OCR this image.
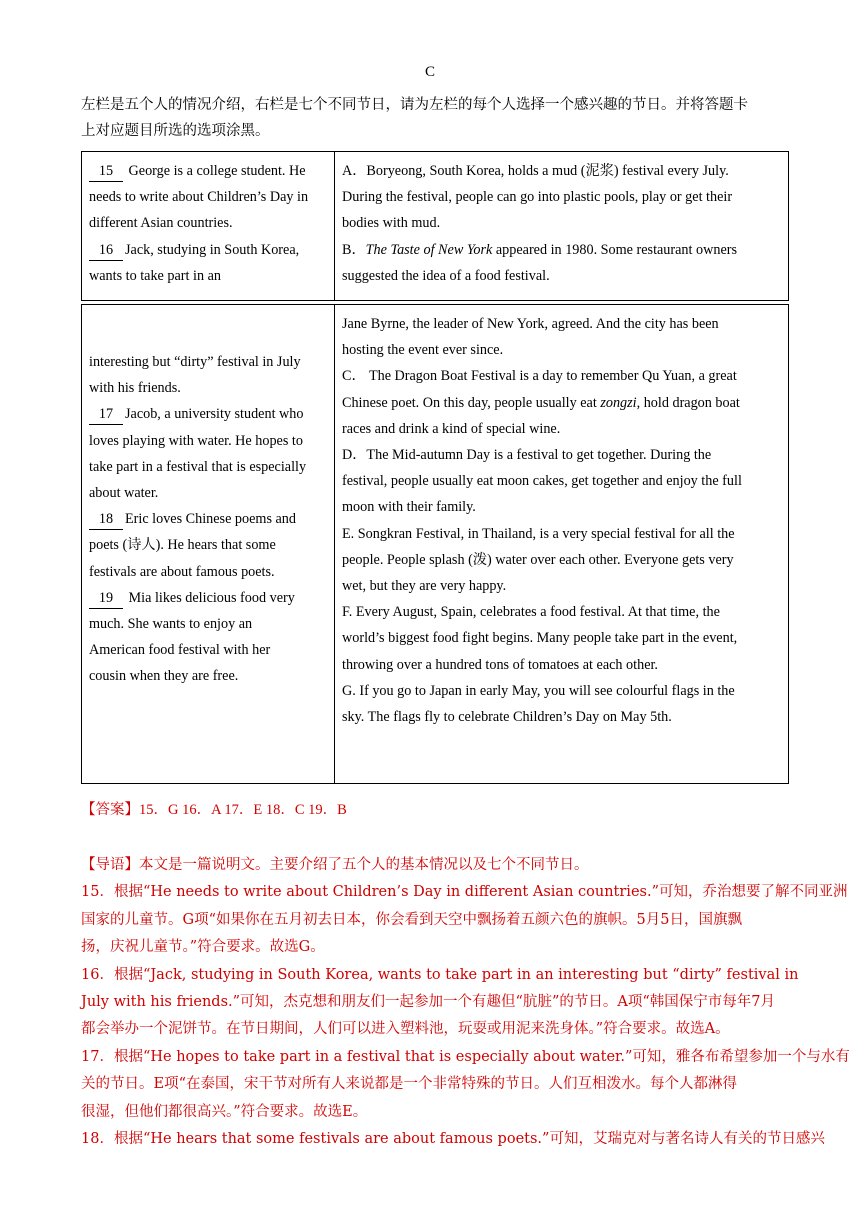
C
左栏是五个人的情况介绍，右栏是七个不同节日，请为左栏的每个人选择一个感兴趣的节日。并将答题卡
上对应题目所选的选项涂黑。
15 George is a college student. He
needs to write about Children’s Day in
different Asian countries.
16 Jack, studying in South Korea,
wants to take part in an

A．Boryeong, South Korea, holds a mud (泥浆) festival every July.
During the festival, people can go into plastic pools, play or get their
bodies with mud.
B．The Taste of New York appeared in 1980. Some restaurant owners
suggested the idea of a food festival.
interesting but “dirty” festival in July
with his friends.
17 Jacob, a university student who
loves playing with water. He hopes to
take part in a festival that is especially
about water.
18 Eric loves Chinese poems and
poets (诗人). He hears that some
festivals are about famous poets.
19 Mia likes delicious food very
much. She wants to enjoy an
American food festival with her
cousin when they are free.

Jane Byrne, the leader of New York, agreed. And the city has been
hosting the event ever since.
C． The Dragon Boat Festival is a day to remember Qu Yuan, a great
Chinese poet. On this day, people usually eat zongzi, hold dragon boat
races and drink a kind of special wine.
D．The Mid-autumn Day is a festival to get together. During the
festival, people usually eat moon cakes, get together and enjoy the full
moon with their family.
E. Songkran Festival, in Thailand, is a very special festival for all the
people. People splash (泼) water over each other. Everyone gets very
wet, but they are very happy.
F. Every August, Spain, celebrates a food festival. At that time, the
world’s biggest food fight begins. Many people take part in the event,
throwing over a hundred tons of tomatoes at each other.
G. If you go to Japan in early May, you will see colourful flags in the
sky. The flags fly to celebrate Children’s Day on May 5th.
【答案】15．G 16．A 17．E 18．C 19．B
【导语】本文是一篇说明文。主要介绍了五个人的基本情况以及七个不同节日。
15．根据“He needs to write about Children’s Day in different Asian countries.”可知，乔治想要了解不同亚洲
国家的儿童节。G项“如果你在五月初去日本，你会看到天空中飘扬着五颜六色的旗帜。5月5日，国旗飘
扬，庆祝儿童节。”符合要求。故选G。
16．根据“Jack, studying in South Korea, wants to take part in an interesting but “dirty” festival in
July with his friends.”可知，杰克想和朋友们一起参加一个有趣但“肮脏”的节日。A项“韩国保宁市每年7月
都会举办一个泥饼节。在节日期间，人们可以进入塑料池，玩耍或用泥来洗身体。”符合要求。故选A。
17．根据“He hopes to take part in a festival that is especially about water.”可知，雅各布希望参加一个与水有
关的节日。E项“在泰国，宋干节对所有人来说都是一个非常特殊的节日。人们互相泼水。每个人都淋得
很湿，但他们都很高兴。”符合要求。故选E。
18．根据“He hears that some festivals are about famous poets.”可知，艾瑞克对与著名诗人有关的节日感兴
